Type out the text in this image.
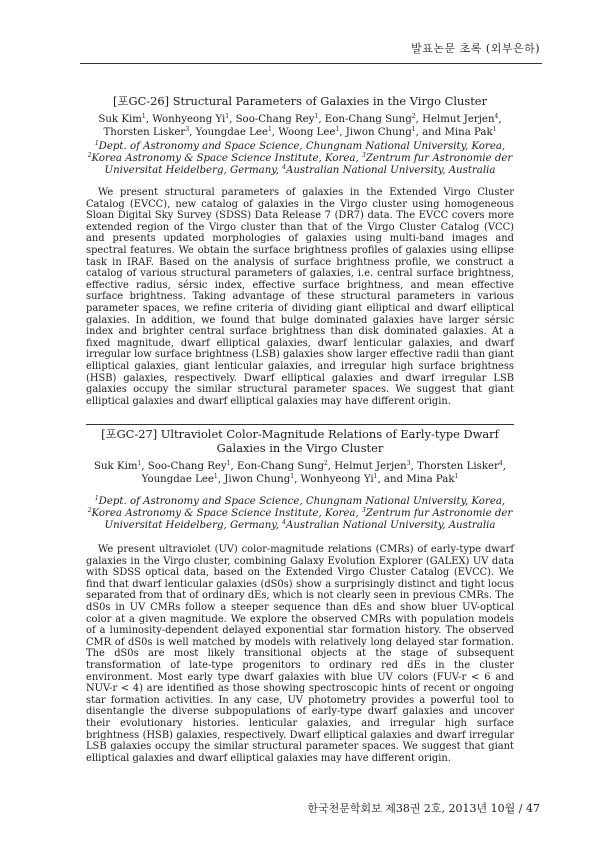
발표논문 초록 (외부은하)

[포GC-26] Structural Parameters of Galaxies in the Virgo Cluster

Suk Kim$^1$, Wonhyeong Yi$^1$, Soo-Chang Rey$^1$, Eon-Chang Sung$^2$, Helmut Jerjen$^4$, Thorsten Lisker$^3$, Youngdae Lee$^1$, Woong Lee$^1$, Jiwon Chung$^1$, and Mina Pak$^1$
$^1$Dept. of Astronomy and Space Science, Chungnam National University, Korea,
$^2$Korea Astronomy & Space Science Institute, Korea, $^3$Zentrum fur Astronomie der Universitat Heidelberg, Germany, $^4$Australian National University, Australia

We present structural parameters of galaxies in the Extended Virgo Cluster Catalog (EVCC), new catalog of galaxies in the Virgo cluster using homogeneous Sloan Digital Sky Survey (SDSS) Data Release 7 (DR7) data. The EVCC covers more extended region of the Virgo cluster than that of the Virgo Cluster Catalog (VCC) and presents updated morphologies of galaxies using multi-band images and spectral features. We obtain the surface brightness profiles of galaxies using ellipse task in IRAF. Based on the analysis of surface brightness profile, we construct a catalog of various structural parameters of galaxies, i.e. central surface brightness, effective radius, sérsic index, effective surface brightness, and mean effective surface brightness. Taking advantage of these structural parameters in various parameter spaces, we refine criteria of dividing giant elliptical and dwarf elliptical galaxies. In addition, we found that bulge dominated galaxies have larger sérsic index and brighter central surface brightness than disk dominated galaxies. At a fixed magnitude, dwarf elliptical galaxies, dwarf lenticular galaxies, and dwarf irregular low surface brightness (LSB) galaxies show larger effective radii than giant elliptical galaxies, giant lenticular galaxies, and irregular high surface brightness (HSB) galaxies, respectively. Dwarf elliptical galaxies and dwarf irregular LSB galaxies occupy the similar structural parameter spaces. We suggest that giant elliptical galaxies and dwarf elliptical galaxies may have different origin.

[포GC-27] Ultraviolet Color-Magnitude Relations of Early-type Dwarf Galaxies in the Virgo Cluster

Suk Kim$^1$, Soo-Chang Rey$^1$, Eon-Chang Sung$^2$, Helmut Jerjen$^3$, Thorsten Lisker$^4$, Youngdae Lee$^1$, Jiwon Chung$^1$, Wonhyeong Yi$^1$, and Mina Pak$^1$
$^1$Dept. of Astronomy and Space Science, Chungnam National University, Korea,
$^2$Korea Astronomy & Space Science Institute, Korea, $^3$Zentrum fur Astronomie der Universitat Heidelberg, Germany, $^4$Australian National University, Australia

We present ultraviolet (UV) color-magnitude relations (CMRs) of early-type dwarf galaxies in the Virgo cluster, combining Galaxy Evolution Explorer (GALEX) UV data with SDSS optical data, based on the Extended Virgo Cluster Catalog (EVCC). We find that dwarf lenticular galaxies (dS0s) show a surprisingly distinct and tight locus separated from that of ordinary dEs, which is not clearly seen in previous CMRs. The dS0s in UV CMRs follow a steeper sequence than dEs and show bluer UV-optical color at a given magnitude. We explore the observed CMRs with population models of a luminosity-dependent delayed exponential star formation history. The observed CMR of dS0s is well matched by models with relatively long delayed star formation. The dS0s are most likely transitional objects at the stage of subsequent transformation of late-type progenitors to ordinary red dEs in the cluster environment. Most early type dwarf galaxies with blue UV colors (FUV-r < 6 and NUV-r < 4) are identified as those showing spectroscopic hints of recent or ongoing star formation activities. In any case, UV photometry provides a powerful tool to disentangle the diverse subpopulations of early-type dwarf galaxies and uncover their evolutionary histories. lenticular galaxies, and irregular high surface brightness (HSB) galaxies, respectively. Dwarf elliptical galaxies and dwarf irregular LSB galaxies occupy the similar structural parameter spaces. We suggest that giant elliptical galaxies and dwarf elliptical galaxies may have different origin.

한국천문학회보 제38권 2호, 2013년 10월 / 47
